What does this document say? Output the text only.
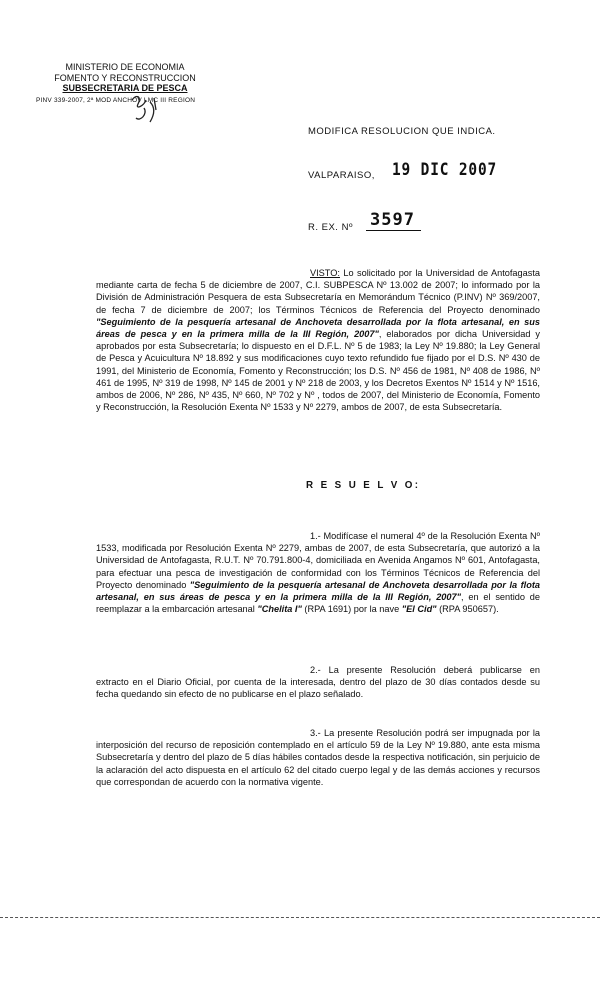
MINISTERIO DE ECONOMIA
FOMENTO Y RECONSTRUCCION
SUBSECRETARIA DE PESCA
PINV 339-2007, 2ª MOD ANCHOV LMC III REGION
MODIFICA RESOLUCION QUE INDICA.
VALPARAISO, 19 DIC 2007
R. EX. Nº 3597
VISTO: Lo solicitado por la Universidad de Antofagasta mediante carta de fecha 5 de diciembre de 2007, C.I. SUBPESCA Nº 13.002 de 2007; lo informado por la División de Administración Pesquera de esta Subsecretaría en Memorándum Técnico (P.INV) Nº 369/2007, de fecha 7 de diciembre de 2007; los Términos Técnicos de Referencia del Proyecto denominado "Seguimiento de la pesquería artesanal de Anchoveta desarrollada por la flota artesanal, en sus áreas de pesca y en la primera milla de la III Región, 2007", elaborados por dicha Universidad y aprobados por esta Subsecretaría; lo dispuesto en el D.F.L. Nº 5 de 1983; la Ley Nº 19.880; la Ley General de Pesca y Acuicultura Nº 18.892 y sus modificaciones cuyo texto refundido fue fijado por el D.S. Nº 430 de 1991, del Ministerio de Economía, Fomento y Reconstrucción; los D.S. Nº 456 de 1981, Nº 408 de 1986, Nº 461 de 1995, Nº 319 de 1998, Nº 145 de 2001 y Nº 218 de 2003, y los Decretos Exentos Nº 1514 y Nº 1516, ambos de 2006, Nº 286, Nº 435, Nº 660, Nº 702 y Nº , todos de 2007, del Ministerio de Economía, Fomento y Reconstrucción, la Resolución Exenta Nº 1533 y Nº 2279, ambos de 2007, de esta Subsecretaría.
R E S U E L V O:
1.- Modifícase el numeral 4º de la Resolución Exenta Nº 1533, modificada por Resolución Exenta Nº 2279, ambas de 2007, de esta Subsecretaría, que autorizó a la Universidad de Antofagasta, R.U.T. Nº 70.791.800-4, domiciliada en Avenida Angamos Nº 601, Antofagasta, para efectuar una pesca de investigación de conformidad con los Términos Técnicos de Referencia del Proyecto denominado "Seguimiento de la pesquería artesanal de Anchoveta desarrollada por la flota artesanal, en sus áreas de pesca y en la primera milla de la III Región, 2007", en el sentido de reemplazar a la embarcación artesanal "Chelita I" (RPA 1691) por la nave "El Cid" (RPA 950657).
2.- La presente Resolución deberá publicarse en extracto en el Diario Oficial, por cuenta de la interesada, dentro del plazo de 30 días contados desde su fecha quedando sin efecto de no publicarse en el plazo señalado.
3.- La presente Resolución podrá ser impugnada por la interposición del recurso de reposición contemplado en el artículo 59 de la Ley Nº 19.880, ante esta misma Subsecretaría y dentro del plazo de 5 días hábiles contados desde la respectiva notificación, sin perjuicio de la aclaración del acto dispuesta en el artículo 62 del citado cuerpo legal y de las demás acciones y recursos que correspondan de acuerdo con la normativa vigente.
